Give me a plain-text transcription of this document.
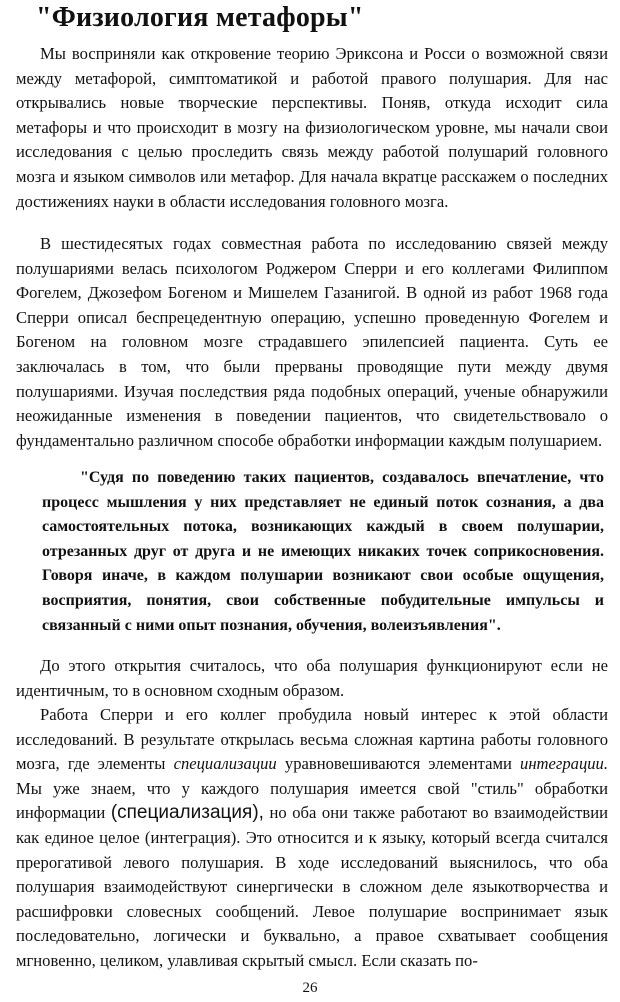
"Физиология метафоры"

Мы восприняли как откровение теорию Эриксона и Росси о возможной связи между метафорой, симптоматикой и работой правого полушария. Для нас открывались новые творческие перспективы. Поняв, откуда исходит сила метафоры и что происходит в мозгу на физиологическом уровне, мы начали свои исследования с целью проследить связь между работой полушарий головного мозга и языком символов или метафор. Для начала вкратце расскажем о последних достижениях науки в области исследования головного мозга.

В шестидесятых годах совместная работа по исследованию связей между полушариями велась психологом Роджером Сперри и его коллегами Филиппом Фогелем, Джозефом Богеном и Мишелем Газанигой. В одной из работ 1968 года Сперри описал беспрецедентную операцию, успешно проведенную Фогелем и Богеном на головном мозге страдавшего эпилепсией пациента. Суть ее заключалась в том, что были прерваны проводящие пути между двумя полушариями. Изучая последствия ряда подобных операций, ученые обнаружили неожиданные изменения в поведении пациентов, что свидетельствовало о фундаментально различном способе обработки информации каждым полушарием.

"Судя по поведению таких пациентов, создавалось впечатление, что процесс мышления у них представляет не единый поток сознания, а два самостоятельных потока, возникающих каждый в своем полушарии, отрезанных друг от друга и не имеющих никаких точек соприкосновения. Говоря иначе, в каждом полушарии возникают свои особые ощущения, восприятия, понятия, свои собственные побудительные импульсы и связанный с ними опыт познания, обучения, волеизъявления".

До этого открытия считалось, что оба полушария функционируют если не идентичным, то в основном сходным образом.

Работа Сперри и его коллег пробудила новый интерес к этой области исследований. В результате открылась весьма сложная картина работы головного мозга, где элементы специализации уравновешиваются элементами интеграции. Мы уже знаем, что у каждого полушария имеется свой "стиль" обработки информации (специализация), но оба они также работают во взаимодействии как единое целое (интеграция). Это относится и к языку, который всегда считался прерогативой левого полушария. В ходе исследований выяснилось, что оба полушария взаимодействуют синергически в сложном деле языкотворчества и расшифровки словесных сообщений. Левое полушарие воспринимает язык последовательно, логически и буквально, а правое схватывает сообщения мгновенно, целиком, улавливая скрытый смысл. Если сказать по-

26
